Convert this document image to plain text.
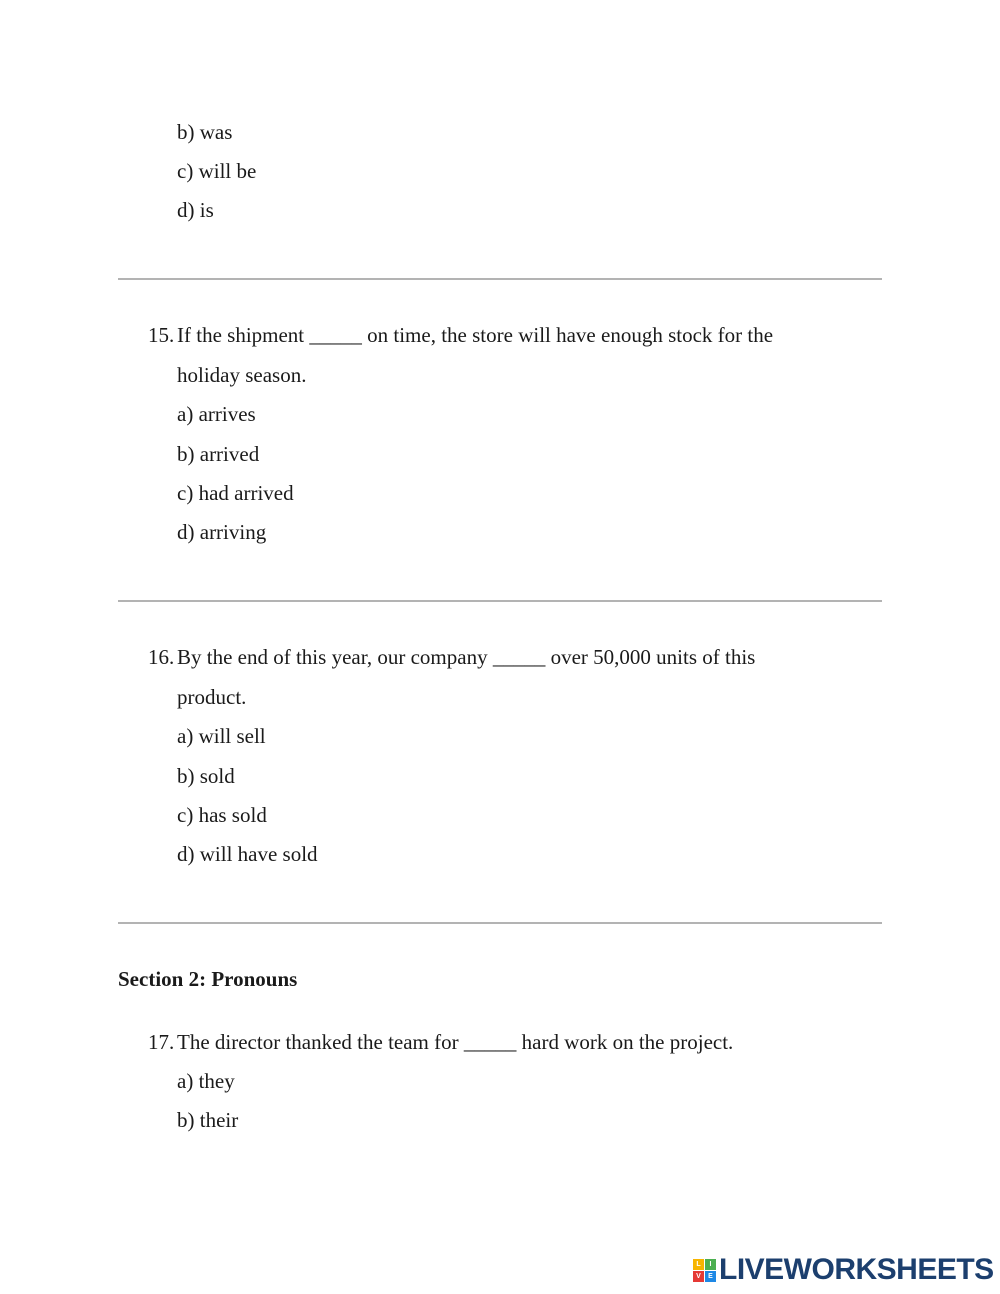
b) was
c) will be
d) is
15. If the shipment _____ on time, the store will have enough stock for the
holiday season.
a) arrives
b) arrived
c) had arrived
d) arriving
16. By the end of this year, our company _____ over 50,000 units of this
product.
a) will sell
b) sold
c) has sold
d) will have sold
Section 2: Pronouns
17. The director thanked the team for _____ hard work on the project.
a) they
b) their
L	I
V	E LIVEWORKSHEETS
